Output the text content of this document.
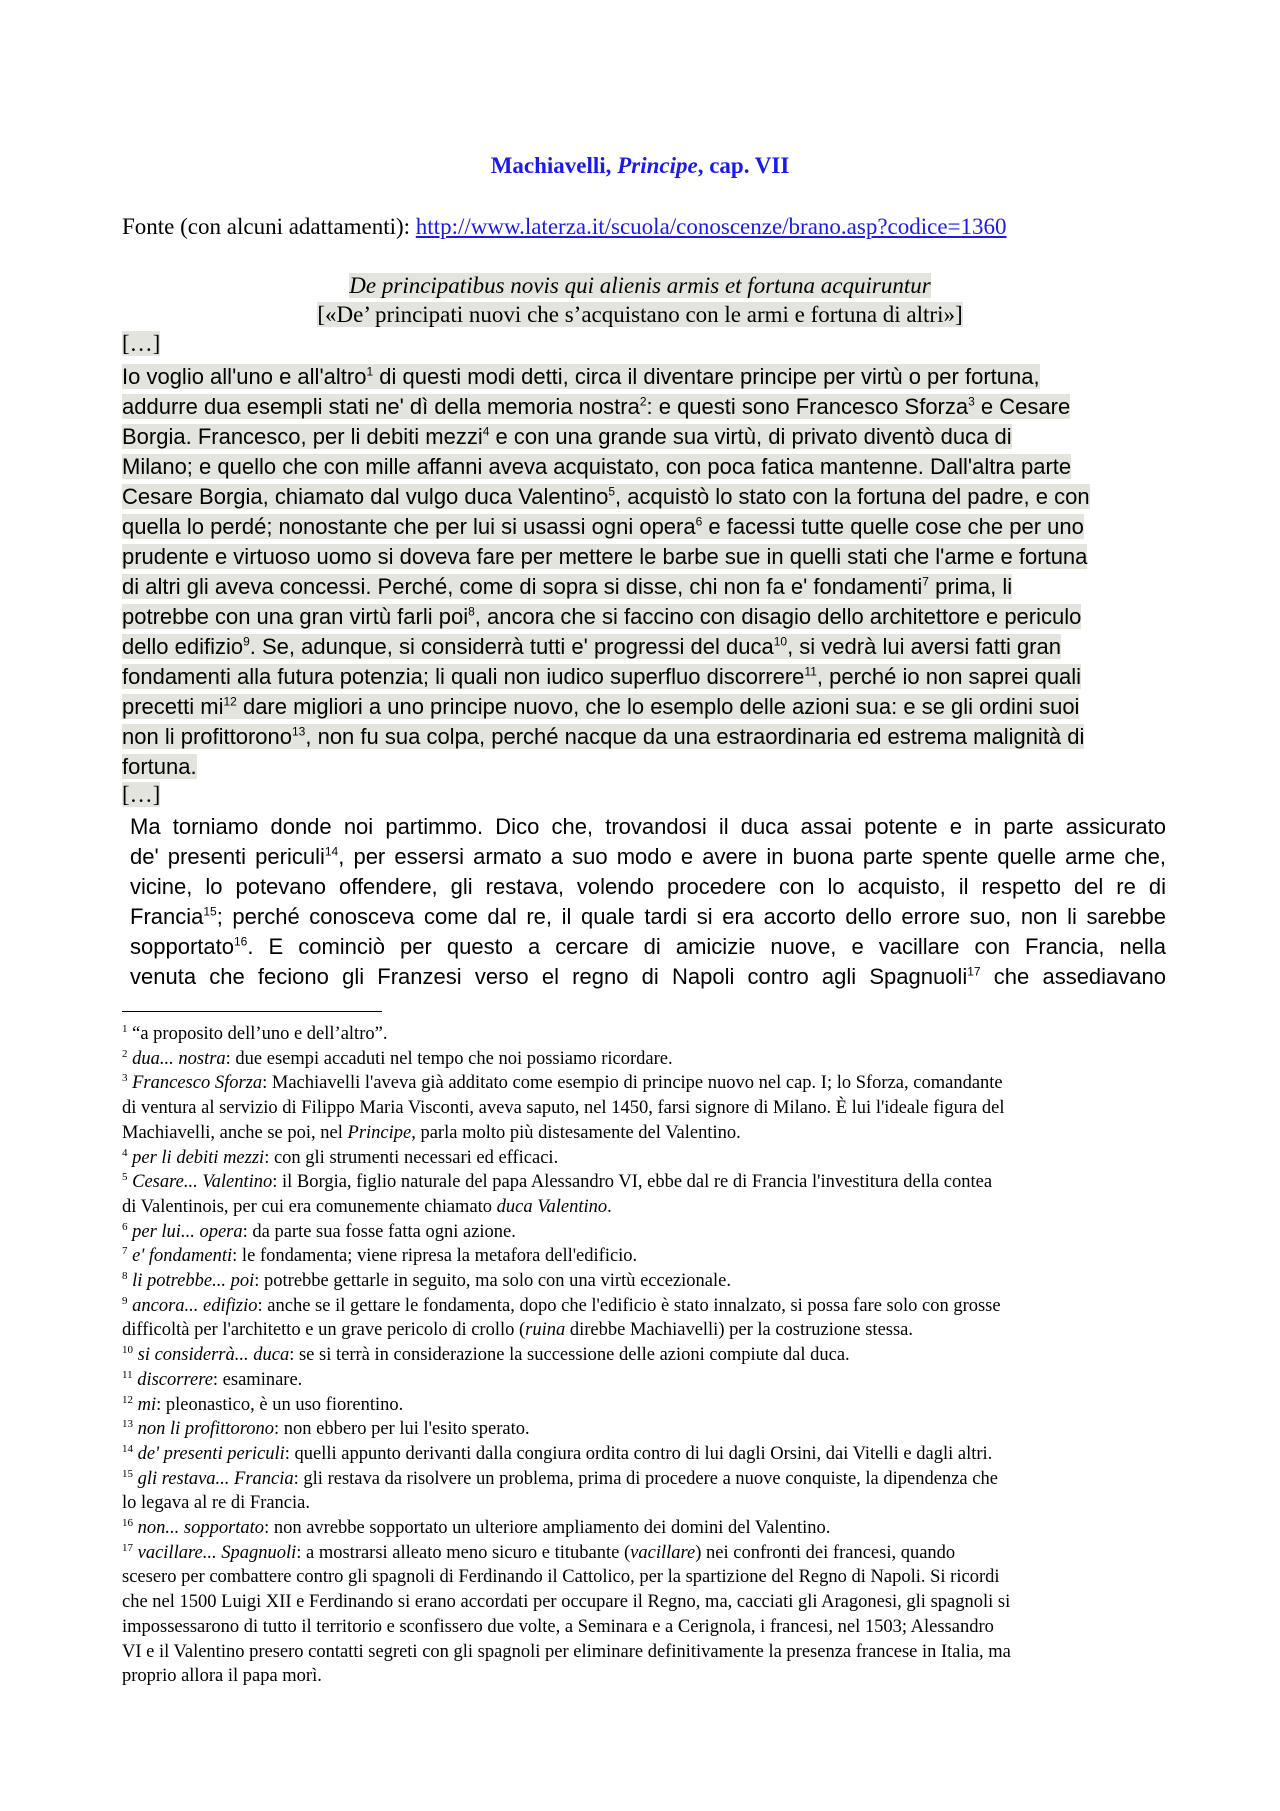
Machiavelli, Principe, cap. VII
Fonte (con alcuni adattamenti): http://www.laterza.it/scuola/conoscenze/brano.asp?codice=1360
De principatibus novis qui alienis armis et fortuna acquiruntur
[«De’ principati nuovi che s’acquistano con le armi e fortuna di altri»]
[…]
Io voglio all'uno e all'altro$^1$ di questi modi detti, circa il diventare principe per virtù o per fortuna,
addurre dua esempli stati ne' dì della memoria nostra$^2$: e questi sono Francesco Sforza$^3$ e Cesare
Borgia. Francesco, per li debiti mezzi$^4$ e con una grande sua virtù, di privato diventò duca di
Milano; e quello che con mille affanni aveva acquistato, con poca fatica mantenne. Dall'altra parte
Cesare Borgia, chiamato dal vulgo duca Valentino$^5$, acquistò lo stato con la fortuna del padre, e con
quella lo perdé; nonostante che per lui si usassi ogni opera$^6$ e facessi tutte quelle cose che per uno
prudente e virtuoso uomo si doveva fare per mettere le barbe sue in quelli stati che l'arme e fortuna
di altri gli aveva concessi. Perché, come di sopra si disse, chi non fa e' fondamenti$^7$ prima, li
potrebbe con una gran virtù farli poi$^8$, ancora che si faccino con disagio dello architettore e periculo
dello edifizio$^9$. Se, adunque, si considerrà tutti e' progressi del duca$^{10}$, si vedrà lui aversi fatti gran
fondamenti alla futura potenzia; li quali non iudico superfluo discorrere$^{11}$, perché io non saprei quali
precetti $mi^{12}$ dare migliori a uno principe nuovo, che lo esemplo delle azioni sua: e se gli ordini suoi
non li profittorono$^{13}$, non fu sua colpa, perché nacque da una estraordinaria ed estrema malignità di
fortuna.
[…]
Ma torniamo donde noi partimmo. Dico che, trovandosi il duca assai potente e in parte assicurato
de' presenti periculi$^{14}$, per essersi armato a suo modo e avere in buona parte spente quelle arme che,
vicine, lo potevano offendere, gli restava, volendo procedere con lo acquisto, il respetto del re di
Francia$^{15}$; perché conosceva come dal re, il quale tardi si era accorto dello errore suo, non li sarebbe
sopportato$^{16}$. E cominciò per questo a cercare di amicizie nuove, e vacillare con Francia, nella
venuta che feciono gli Franzesi verso el regno di Napoli contro agli Spagnuoli$^{17}$ che assediavano
$^1$ “a proposito dell’uno e dell’altro”.
$^2$ dua... nostra: due esempi accaduti nel tempo che noi possiamo ricordare.
$^3$ Francesco Sforza: Machiavelli l'aveva già additato come esempio di principe nuovo nel cap. I; lo Sforza, comandante
di ventura al servizio di Filippo Maria Visconti, aveva saputo, nel 1450, farsi signore di Milano. È lui l'ideale figura del
Machiavelli, anche se poi, nel Principe, parla molto più distesamente del Valentino.
$^4$ per li debiti mezzi: con gli strumenti necessari ed efficaci.
$^5$ Cesare... Valentino: il Borgia, figlio naturale del papa Alessandro VI, ebbe dal re di Francia l'investitura della contea
di Valentinois, per cui era comunemente chiamato duca Valentino.
$^6$ per lui... opera: da parte sua fosse fatta ogni azione.
$^7$ e' fondamenti: le fondamenta; viene ripresa la metafora dell'edificio.
$^8$ li potrebbe... poi: potrebbe gettarle in seguito, ma solo con una virtù eccezionale.
$^9$ ancora... edifizio: anche se il gettare le fondamenta, dopo che l'edificio è stato innalzato, si possa fare solo con grosse
difficoltà per l'architetto e un grave pericolo di crollo (ruina direbbe Machiavelli) per la costruzione stessa.
$^{10}$ si considerrà... duca: se si terrà in considerazione la successione delle azioni compiute dal duca.
$^{11}$ discorrere: esaminare.
$^{12}$ mi: pleonastico, è un uso fiorentino.
$^{13}$ non li profittorono: non ebbero per lui l'esito sperato.
$^{14}$ de' presenti periculi: quelli appunto derivanti dalla congiura ordita contro di lui dagli Orsini, dai Vitelli e dagli altri.
$^{15}$ gli restava... Francia: gli restava da risolvere un problema, prima di procedere a nuove conquiste, la dipendenza che
lo legava al re di Francia.
$^{16}$ non... sopportato: non avrebbe sopportato un ulteriore ampliamento dei domini del Valentino.
$^{17}$ vacillare... Spagnuoli: a mostrarsi alleato meno sicuro e titubante (vacillare) nei confronti dei francesi, quando
scesero per combattere contro gli spagnoli di Ferdinando il Cattolico, per la spartizione del Regno di Napoli. Si ricordi
che nel 1500 Luigi XII e Ferdinando si erano accordati per occupare il Regno, ma, cacciati gli Aragonesi, gli spagnoli si
impossessarono di tutto il territorio e sconfissero due volte, a Seminara e a Cerignola, i francesi, nel 1503; Alessandro
VI e il Valentino presero contatti segreti con gli spagnoli per eliminare definitivamente la presenza francese in Italia, ma
proprio allora il papa morì.
